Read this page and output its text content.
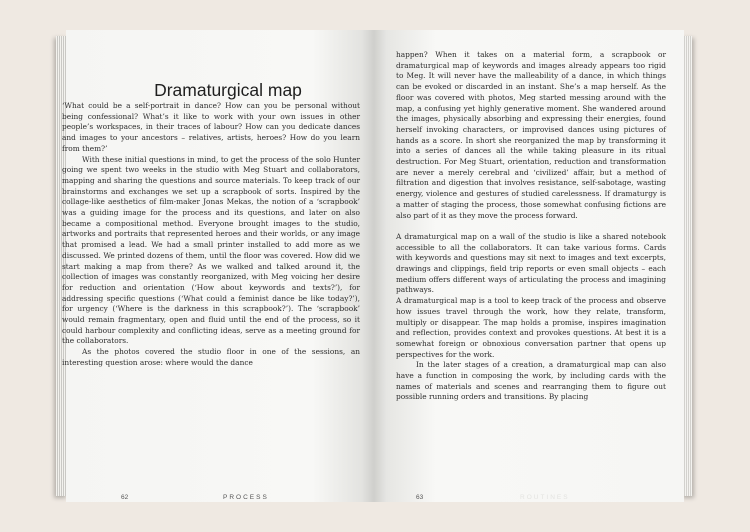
Dramaturgical map
62	PROCESS	63	ROUTINES

‘What could be a self-portrait in dance? How can you be personal without being confessional? What’s it like to work with your own issues in other people’s workspaces, in their traces of labour? How can you dedicate dances and images to your ancestors – relatives, artists, heroes? How do you learn from them?’

With these initial questions in mind, to get the process of the solo Hunter going we spent two weeks in the studio with Meg Stuart and collaborators, mapping and sharing the questions and source materials. To keep track of our brainstorms and exchanges we set up a scrapbook of sorts. Inspired by the collage-like aesthetics of film-maker Jonas Mekas, the notion of a ‘scrapbook’ was a guiding image for the process and its questions, and later on also became a compositional method. Everyone brought images to the studio, artworks and portraits that represented heroes and their worlds, or any image that promised a lead. We had a small printer installed to add more as we discussed. We printed dozens of them, until the floor was covered. How did we start making a map from there? As we walked and talked around it, the collection of images was constantly reorganized, with Meg voicing her desire for reduction and orientation (‘How about keywords and texts?’), for addressing specific questions (‘What could a feminist dance be like today?’), for urgency (‘Where is the darkness in this scrapbook?’). The ‘scrapbook’ would remain fragmentary, open and fluid until the end of the process, so it could harbour complexity and conflicting ideas, serve as a meeting ground for the collaborators.

As the photos covered the studio floor in one of the sessions, an interesting question arose: where would the dance

happen? When it takes on a material form, a scrapbook or dramaturgical map of keywords and images already appears too rigid to Meg. It will never have the malleability of a dance, in which things can be evoked or discarded in an instant. She’s a map herself. As the floor was covered with photos, Meg started messing around with the map, a confusing yet highly generative moment. She wandered around the images, physically absorbing and expressing their energies, found herself invoking characters, or improvised dances using pictures of hands as a score. In short she reorganized the map by transforming it into a series of dances all the while taking pleasure in its ritual destruction. For Meg Stuart, orientation, reduction and transformation are never a merely cerebral and ‘civilized’ affair, but a method of filtration and digestion that involves resistance, self-sabotage, wasting energy, violence and gestures of studied carelessness. If dramaturgy is a matter of staging the process, those somewhat confusing fictions are also part of it as they move the process forward.

A dramaturgical map on a wall of the studio is like a shared notebook accessible to all the collaborators. It can take various forms. Cards with keywords and questions may sit next to images and text excerpts, drawings and clippings, field trip reports or even small objects – each medium offers different ways of articulating the process and imagining pathways.

A dramaturgical map is a tool to keep track of the process and observe how issues travel through the work, how they relate, transform, multiply or disappear. The map holds a promise, inspires imagination and reflection, provides context and provokes questions. At best it is a somewhat foreign or obnoxious conversation partner that opens up perspectives for the work.

In the later stages of a creation, a dramaturgical map can also have a function in composing the work, by including cards with the names of materials and scenes and rearranging them to figure out possible running orders and transitions. By placing
